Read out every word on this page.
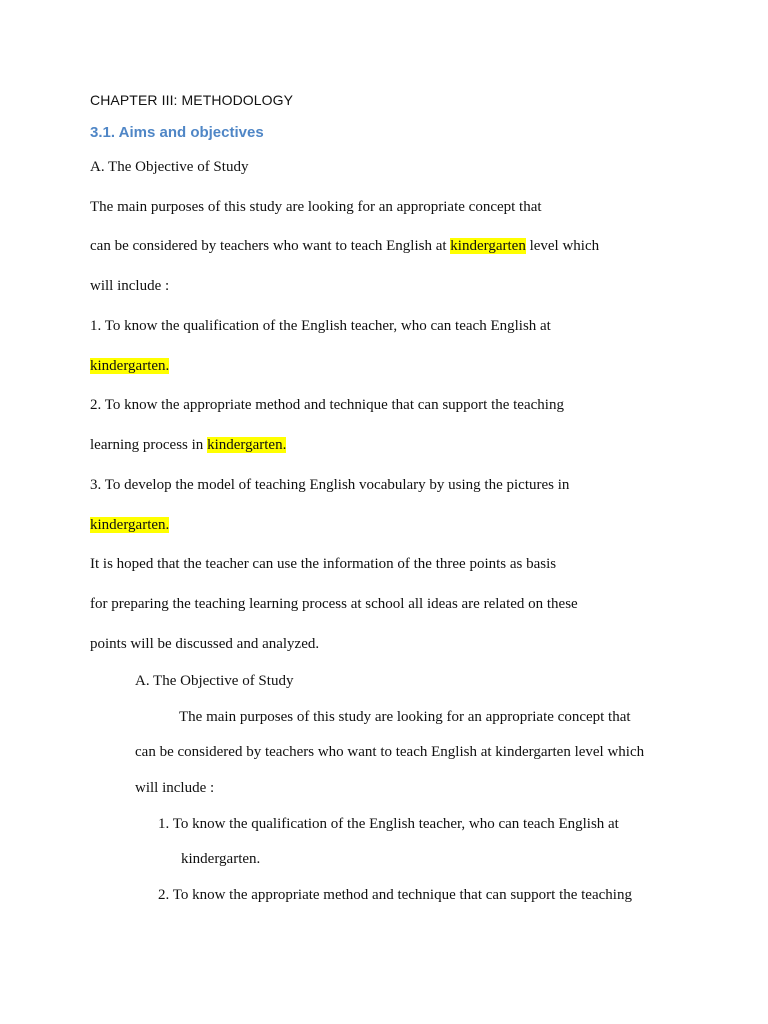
CHAPTER III: METHODOLOGY
3.1. Aims and objectives
A. The Objective of Study
The main purposes of this study are looking for an appropriate concept that
can be considered by teachers who want to teach English at kindergarten level which
will include :
1. To know the qualification of the English teacher, who can teach English at
kindergarten.
2. To know the appropriate method and technique that can support the teaching
learning process in kindergarten.
3. To develop the model of teaching English vocabulary by using the pictures in
kindergarten.
It is hoped that the teacher can use the information of the three points as basis
for preparing the teaching learning process at school all ideas are related on these
points will be discussed and analyzed.
A. The Objective of Study
The main purposes of this study are looking for an appropriate concept that
can be considered by teachers who want to teach English at kindergarten level which
will include :
1. To know the qualification of the English teacher, who can teach English at
kindergarten.
2. To know the appropriate method and technique that can support the teaching
